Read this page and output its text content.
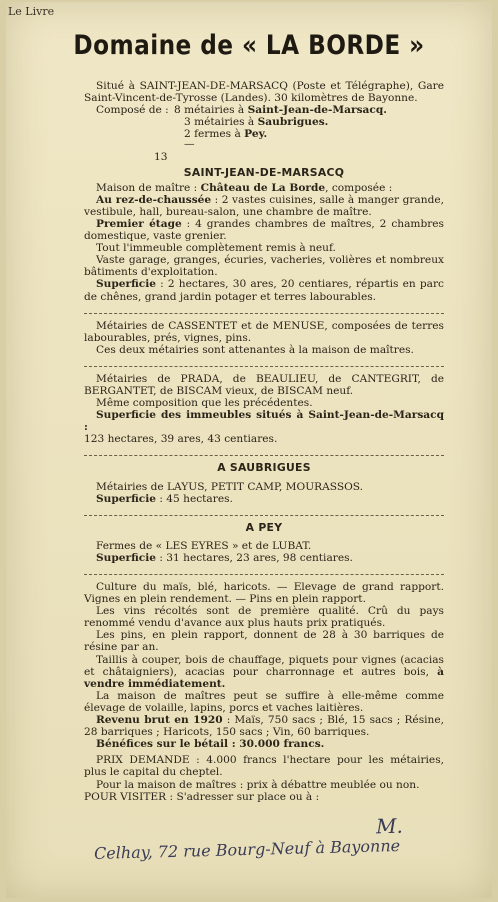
Le Livre
Domaine de « LA BORDE »

Situé à SAINT-JEAN-DE-MARSACQ (Poste et Télégraphe), Gare Saint-Vincent-de-Tyrosse (Landes). 30 kilomètres de Bayonne.

Composé de : 8 métairies à
Saint-Jean-de-Marsacq.
3 métairies à Saubrigues.
2 fermes à Pey.
—
13
SAINT-JEAN-DE-MARSACQ

Maison de maître : Château de La Borde, composée :

Au rez-de-chaussée : 2 vastes cuisines, salle à manger grande, vestibule, hall, bureau-salon, une chambre de maître.

Premier étage : 4 grandes chambres de maîtres, 2 chambres domestique, vaste grenier.

Tout l'immeuble complètement remis à neuf.

Vaste garage, granges, écuries, vacheries, volières et nombreux bâtiments d'exploitation.

Superficie : 2 hectares, 30 ares, 20 centiares, répartis en parc de chênes, grand jardin potager et terres labourables.

Métairies de CASSENTET et de MENUSE, composées de terres labourables, prés, vignes, pins.

Ces deux métairies sont attenantes à la maison de maîtres.

Métairies de PRADA, de BEAULIEU, de CANTEGRIT, de BERGANTET, de BISCAM vieux, de BISCAM neuf.

Même composition que les précédentes.

Superficie des immeubles situés à Saint-Jean-de-Marsacq :

123 hectares, 39 ares, 43 centiares.

A SAUBRIGUES

Métairies de LAYUS, PETIT CAMP, MOURASSOS.

Superficie : 45 hectares.

A PEY

Fermes de « LES EYRES » et de LUBAT.

Superficie : 31 hectares, 23 ares, 98 centiares.

Culture du maïs, blé, haricots. — Elevage de grand rapport. Vignes en plein rendement. — Pins en plein rapport.

Les vins récoltés sont de première qualité. Crû du pays renommé vendu d'avance aux plus hauts prix pratiqués.

Les pins, en plein rapport, donnent de 28 à 30 barriques de résine par an.

Taillis à couper, bois de chauffage, piquets pour vignes (acacias et châtaigniers), acacias pour charronnage et autres bois, à vendre immédiatement.

La maison de maîtres peut se suffire à elle-même comme élevage de volaille, lapins, porcs et vaches laitières.

Revenu brut en 1920 : Maïs, 750 sacs ; Blé, 15 sacs ; Résine, 28 barriques ; Haricots, 150 sacs ; Vin, 60 barriques.

Bénéfices sur le bétail : 30.000 francs.

PRIX DEMANDE : 4.000 francs l'hectare pour les métairies, plus le capital du cheptel.

Pour la maison de maîtres : prix à débattre meublée ou non.

POUR VISITER : S'adresser sur place ou à :

M.
Celhay, 72 rue Bourg-Neuf à Bayonne
